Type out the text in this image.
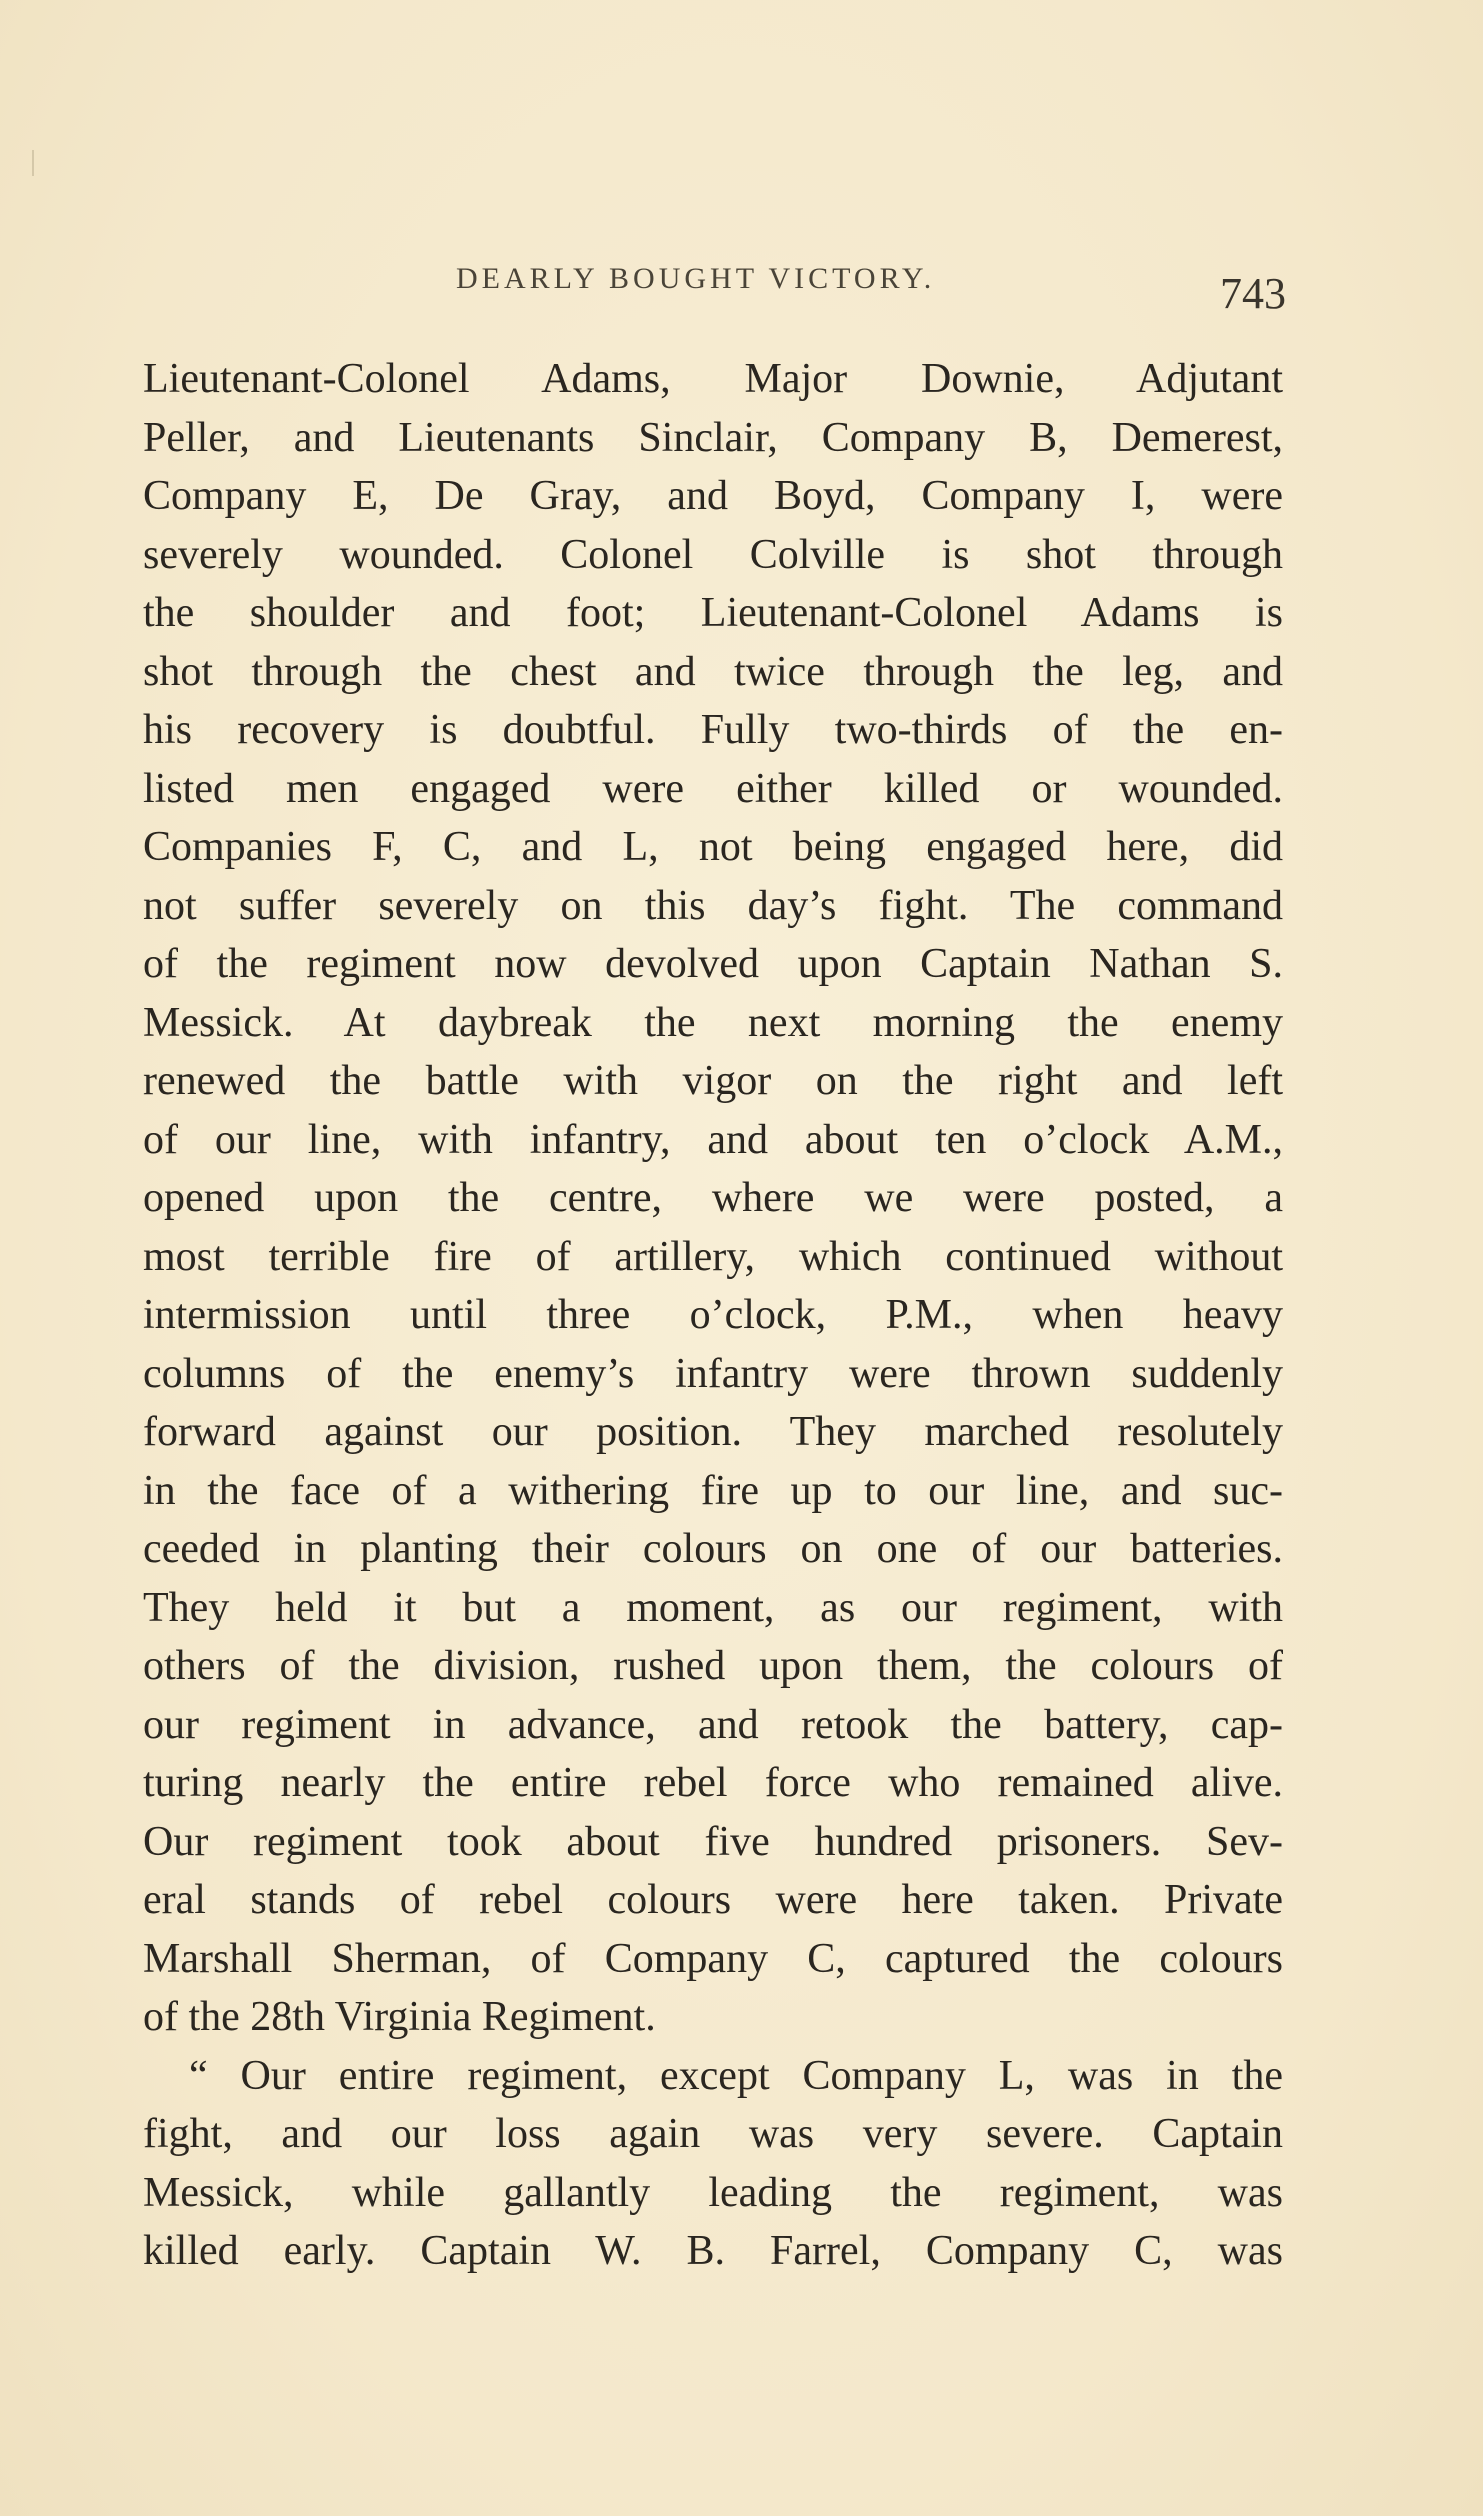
DEARLY BOUGHT VICTORY.	743
Lieutenant-Colonel Adams, Major Downie, Adjutant
Peller, and Lieutenants Sinclair, Company B, Demerest,
Company E, De Gray, and Boyd, Company I, were
severely wounded. Colonel Colville is shot through
the shoulder and foot; Lieutenant-Colonel Adams is
shot through the chest and twice through the leg, and
his recovery is doubtful. Fully two-thirds of the en-
listed men engaged were either killed or wounded.
Companies F, C, and L, not being engaged here, did
not suffer severely on this day’s fight. The command
of the regiment now devolved upon Captain Nathan S.
Messick. At daybreak the next morning the enemy
renewed the battle with vigor on the right and left
of our line, with infantry, and about ten o’clock A.M.,
opened upon the centre, where we were posted, a
most terrible fire of artillery, which continued without
intermission until three o’clock, P.M., when heavy
columns of the enemy’s infantry were thrown suddenly
forward against our position. They marched resolutely
in the face of a withering fire up to our line, and suc-
ceeded in planting their colours on one of our batteries.
They held it but a moment, as our regiment, with
others of the division, rushed upon them, the colours of
our regiment in advance, and retook the battery, cap-
turing nearly the entire rebel force who remained alive.
Our regiment took about five hundred prisoners. Sev-
eral stands of rebel colours were here taken. Private
Marshall Sherman, of Company C, captured the colours
of the 28th Virginia Regiment.
“ Our entire regiment, except Company L, was in the
fight, and our loss again was very severe. Captain
Messick, while gallantly leading the regiment, was
killed early. Captain W. B. Farrel, Company C, was
